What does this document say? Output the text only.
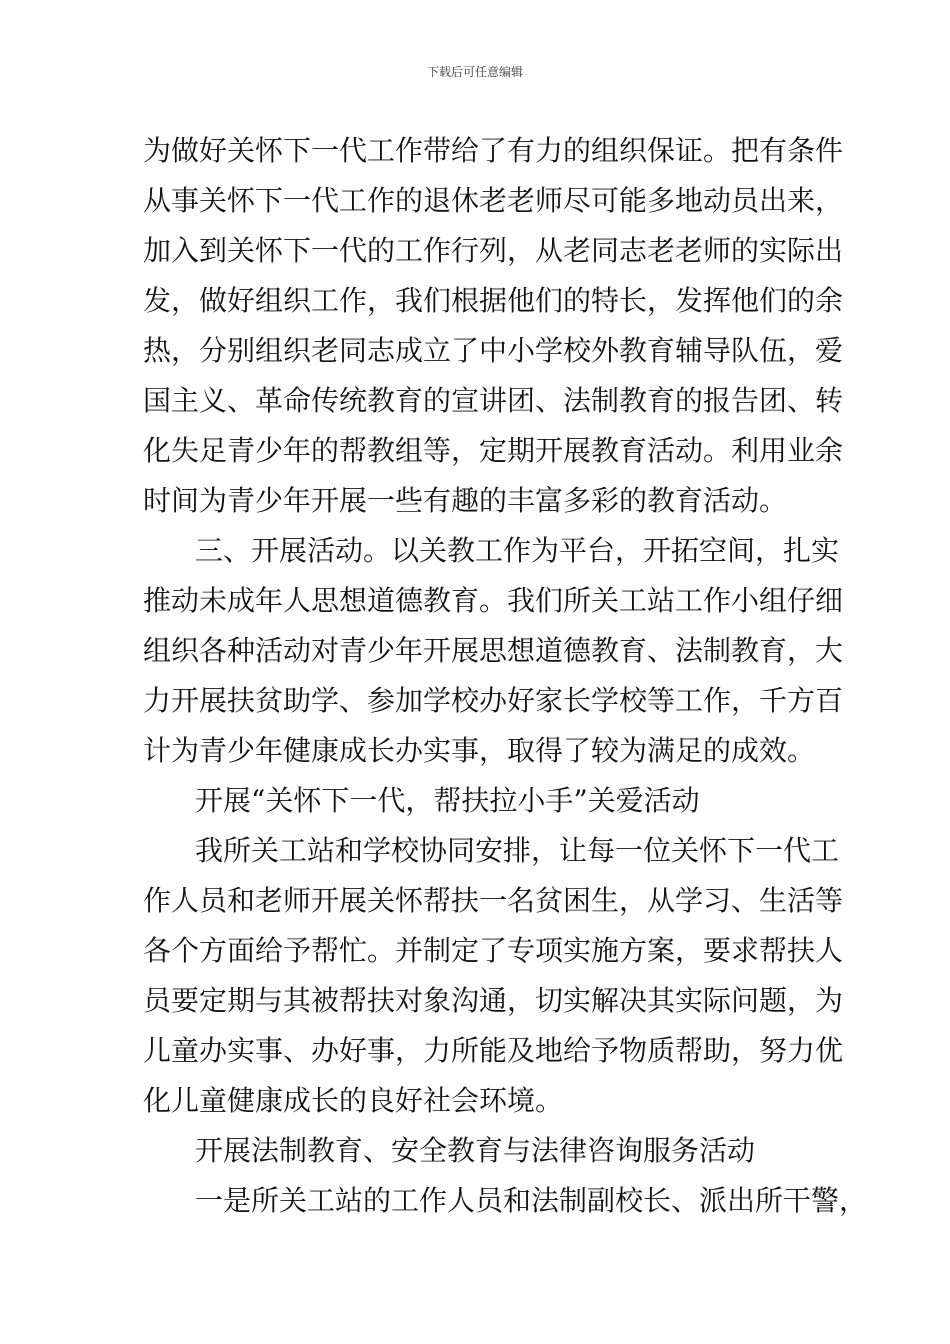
下载后可任意编辑
为做好关怀下一代工作带给了有力的组织保证。把有条件
从事关怀下一代工作的退休老老师尽可能多地动员出来，
加入到关怀下一代的工作行列，从老同志老老师的实际出
发，做好组织工作，我们根据他们的特长，发挥他们的余
热，分别组织老同志成立了中小学校外教育辅导队伍，爱
国主义、革命传统教育的宣讲团、法制教育的报告团、转
化失足青少年的帮教组等，定期开展教育活动。利用业余
时间为青少年开展一些有趣的丰富多彩的教育活动。
三、开展活动。以关教工作为平台，开拓空间，扎实
推动未成年人思想道德教育。我们所关工站工作小组仔细
组织各种活动对青少年开展思想道德教育、法制教育，大
力开展扶贫助学、参加学校办好家长学校等工作，千方百
计为青少年健康成长办实事，取得了较为满足的成效。
开展“关怀下一代，帮扶拉小手”关爱活动
我所关工站和学校协同安排，让每一位关怀下一代工
作人员和老师开展关怀帮扶一名贫困生，从学习、生活等
各个方面给予帮忙。并制定了专项实施方案，要求帮扶人
员要定期与其被帮扶对象沟通，切实解决其实际问题，为
儿童办实事、办好事，力所能及地给予物质帮助，努力优
化儿童健康成长的良好社会环境。
开展法制教育、安全教育与法律咨询服务活动
一是所关工站的工作人员和法制副校长、派出所干警，
